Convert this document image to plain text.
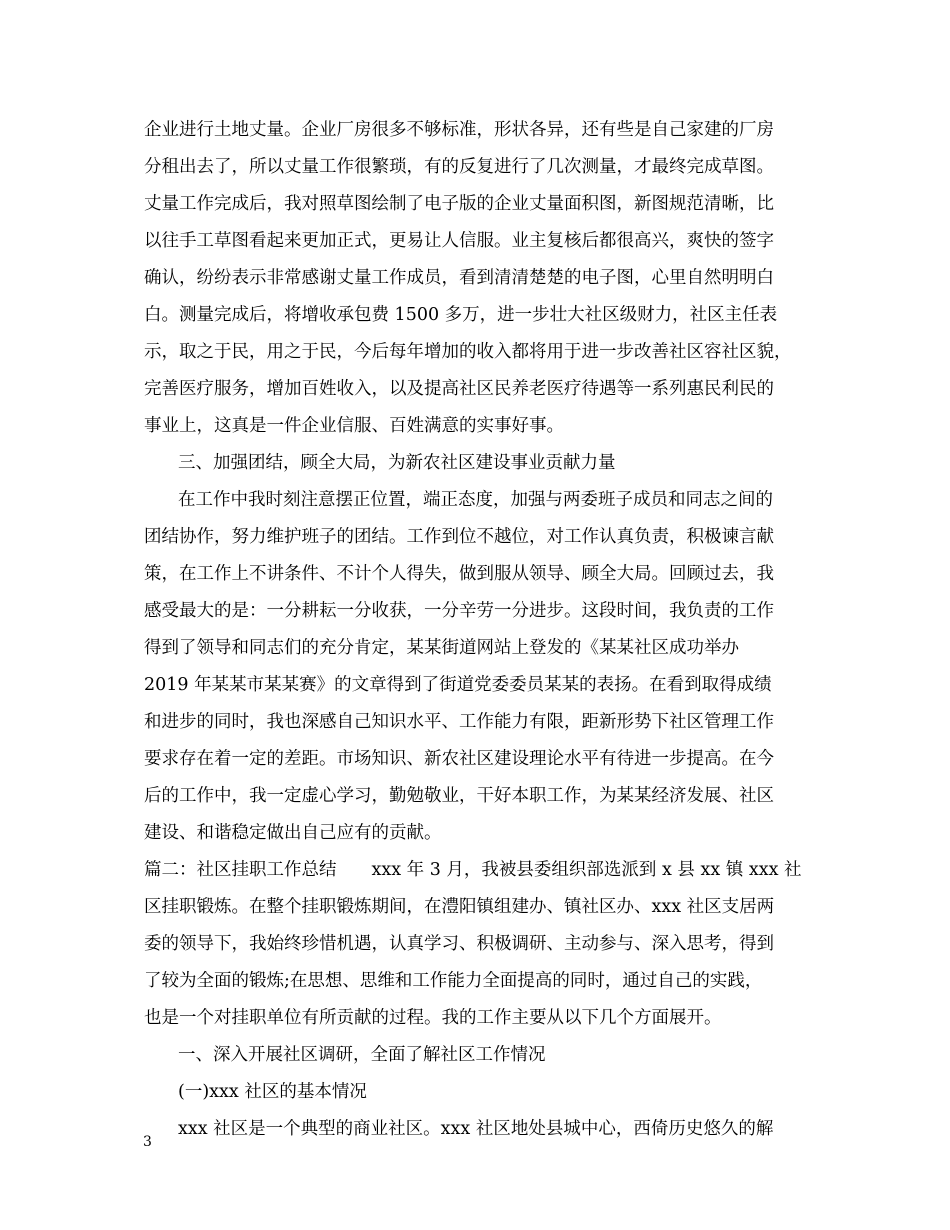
企业进行土地丈量。企业厂房很多不够标准，形状各异，还有些是自己家建的厂房
分租出去了，所以丈量工作很繁琐，有的反复进行了几次测量，才最终完成草图。
丈量工作完成后，我对照草图绘制了电子版的企业丈量面积图，新图规范清晰，比
以往手工草图看起来更加正式，更易让人信服。业主复核后都很高兴，爽快的签字
确认，纷纷表示非常感谢丈量工作成员，看到清清楚楚的电子图，心里自然明明白
白。测量完成后，将增收承包费 1500 多万，进一步壮大社区级财力，社区主任表
示，取之于民，用之于民，今后每年增加的收入都将用于进一步改善社区容社区貌，
完善医疗服务，增加百姓收入，以及提高社区民养老医疗待遇等一系列惠民利民的
事业上，这真是一件企业信服、百姓满意的实事好事。
三、加强团结，顾全大局，为新农社区建设事业贡献力量
在工作中我时刻注意摆正位置，端正态度，加强与两委班子成员和同志之间的
团结协作，努力维护班子的团结。工作到位不越位，对工作认真负责，积极谏言献
策，在工作上不讲条件、不计个人得失，做到服从领导、顾全大局。回顾过去，我
感受最大的是：一分耕耘一分收获，一分辛劳一分进步。这段时间，我负责的工作
得到了领导和同志们的充分肯定，某某街道网站上登发的《某某社区成功举办
2019 年某某市某某赛》的文章得到了街道党委委员某某的表扬。在看到取得成绩
和进步的同时，我也深感自己知识水平、工作能力有限，距新形势下社区管理工作
要求存在着一定的差距。市场知识、新农社区建设理论水平有待进一步提高。在今
后的工作中，我一定虚心学习，勤勉敬业，干好本职工作，为某某经济发展、社区
建设、和谐稳定做出自己应有的贡献。
篇二：社区挂职工作总结　　xxx 年 3 月，我被县委组织部选派到 x 县 xx 镇 xxx 社
区挂职锻炼。在整个挂职锻炼期间，在澧阳镇组建办、镇社区办、xxx 社区支居两
委的领导下，我始终珍惜机遇，认真学习、积极调研、主动参与、深入思考，得到
了较为全面的锻炼;在思想、思维和工作能力全面提高的同时，通过自己的实践，
也是一个对挂职单位有所贡献的过程。我的工作主要从以下几个方面展开。
一、深入开展社区调研，全面了解社区工作情况
(一)xxx 社区的基本情况
xxx 社区是一个典型的商业社区。xxx 社区地处县城中心，西倚历史悠久的解
3
